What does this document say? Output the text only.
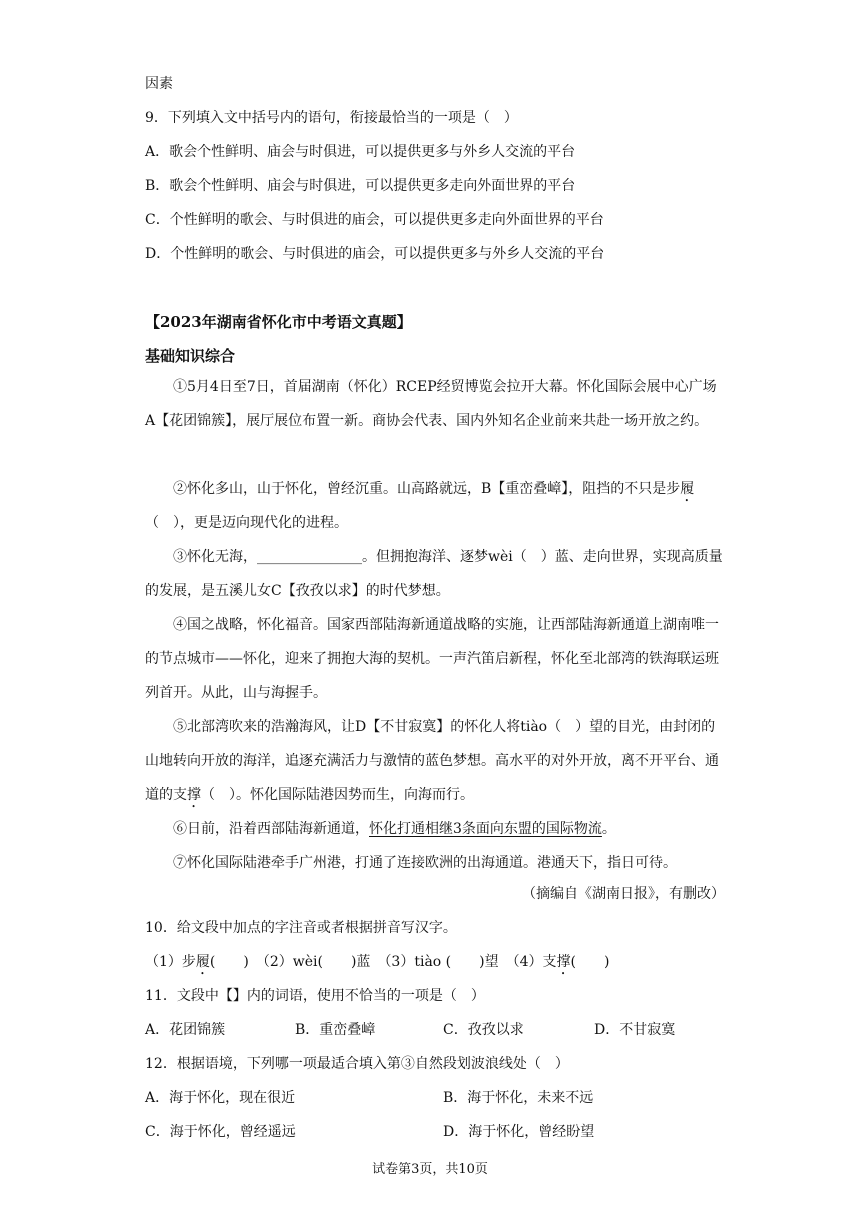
因素
9．下列填入文中括号内的语句，衔接最恰当的一项是（　）
A．歌会个性鲜明、庙会与时俱进，可以提供更多与外乡人交流的平台
B．歌会个性鲜明、庙会与时俱进，可以提供更多走向外面世界的平台
C．个性鲜明的歌会、与时俱进的庙会，可以提供更多走向外面世界的平台
D．个性鲜明的歌会、与时俱进的庙会，可以提供更多与外乡人交流的平台
【2023年湖南省怀化市中考语文真题】
基础知识综合
①5月4日至7日，首届湖南（怀化）RCEP经贸博览会拉开大幕。怀化国际会展中心广场A【花团锦簇】，展厅展位布置一新。商协会代表、国内外知名企业前来共赴一场开放之约。
②怀化多山，山于怀化，曾经沉重。山高路就远，B【重峦叠嶂】，阻挡的不只是步履（　），更是迈向现代化的进程。
③怀化无海，_______________。但拥抱海洋、逐梦wèi（　）蓝、走向世界，实现高质量的发展，是五溪儿女C【孜孜以求】的时代梦想。
④国之战略，怀化福音。国家西部陆海新通道战略的实施，让西部陆海新通道上湖南唯一的节点城市——怀化，迎来了拥抱大海的契机。一声汽笛启新程，怀化至北部湾的铁海联运班列首开。从此，山与海握手。
⑤北部湾吹来的浩瀚海风，让D【不甘寂寞】的怀化人将tiào（　）望的目光，由封闭的山地转向开放的海洋，追逐充满活力与激情的蓝色梦想。高水平的对外开放，离不开平台、通道的支撑（　）。怀化国际陆港因势而生，向海而行。
⑥日前，沿着西部陆海新通道，怀化打通相继3条面向东盟的国际物流。
⑦怀化国际陆港牵手广州港，打通了连接欧洲的出海通道。港通天下，指日可待。
（摘编自《湖南日报》，有删改）
10．给文段中加点的字注音或者根据拼音写汉字。
（1）步履(　　)　 （2）wèi(　　)蓝　 （3）tiào (　　)望　 （4）支撑(　　)
11．文段中【】内的词语，使用不恰当的一项是（　）
A．花团锦簇	B．重峦叠嶂	C．孜孜以求	D．不甘寂寞
12．根据语境，下列哪一项最适合填入第③自然段划波浪线处（　）
A．海于怀化，现在很近	B．海于怀化，未来不远
C．海于怀化，曾经遥远	D．海于怀化，曾经盼望
试卷第3页，共10页
